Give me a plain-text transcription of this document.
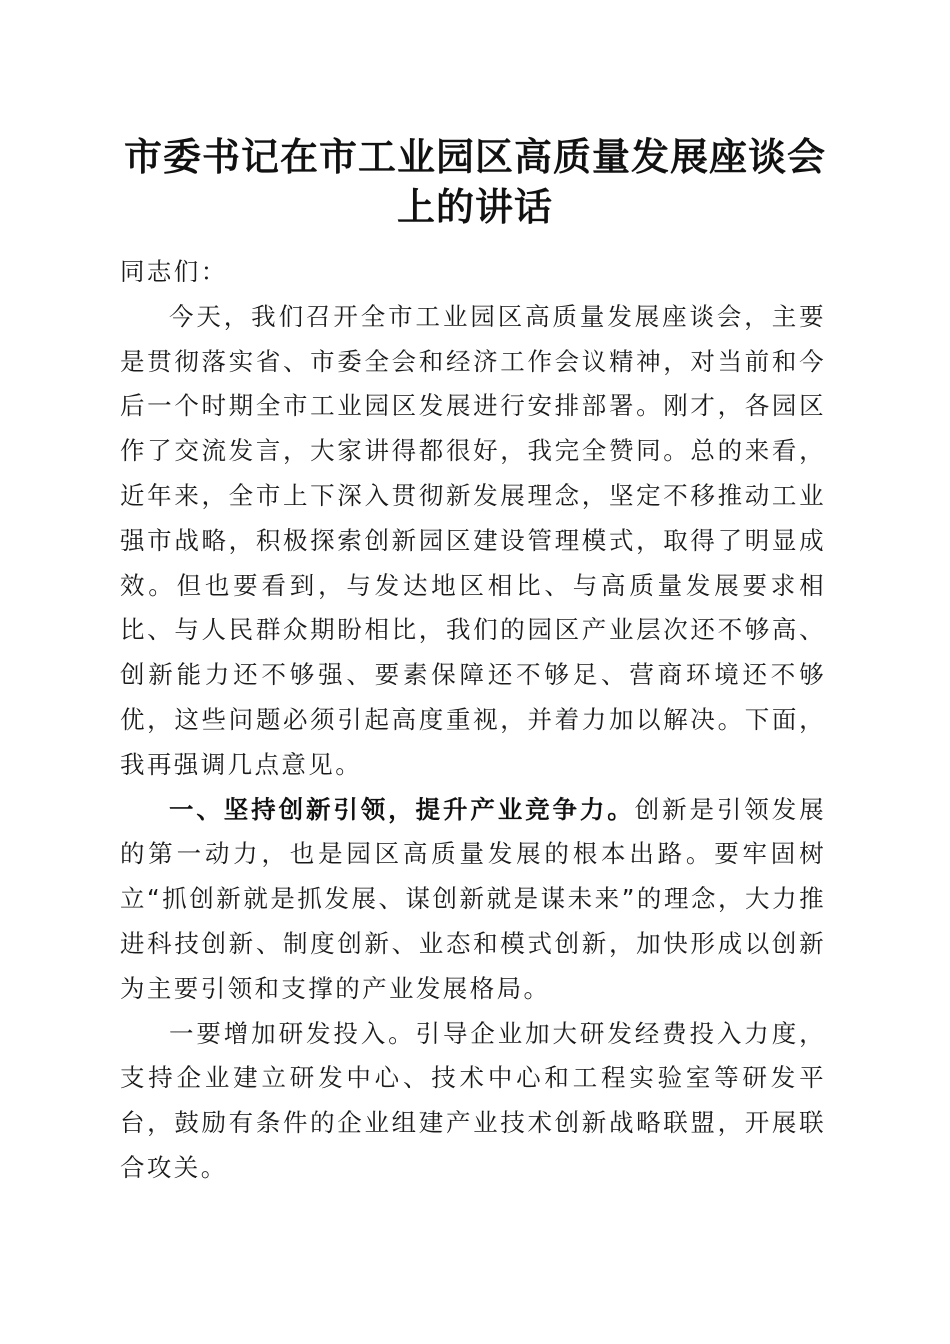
市委书记在市工业园区高质量发展座谈会上的讲话

同志们：

今天，我们召开全市工业园区高质量发展座谈会，主要是贯彻落实省、市委全会和经济工作会议精神，对当前和今后一个时期全市工业园区发展进行安排部署。刚才，各园区作了交流发言，大家讲得都很好，我完全赞同。总的来看，近年来，全市上下深入贯彻新发展理念，坚定不移推动工业强市战略，积极探索创新园区建设管理模式，取得了明显成效。但也要看到，与发达地区相比、与高质量发展要求相比、与人民群众期盼相比，我们的园区产业层次还不够高、创新能力还不够强、要素保障还不够足、营商环境还不够优，这些问题必须引起高度重视，并着力加以解决。下面，我再强调几点意见。

一、坚持创新引领，提升产业竞争力。创新是引领发展的第一动力，也是园区高质量发展的根本出路。要牢固树立“抓创新就是抓发展、谋创新就是谋未来”的理念，大力推进科技创新、制度创新、业态和模式创新，加快形成以创新为主要引领和支撑的产业发展格局。

一要增加研发投入。引导企业加大研发经费投入力度，支持企业建立研发中心、技术中心和工程实验室等研发平台，鼓励有条件的企业组建产业技术创新战略联盟，开展联合攻关。
